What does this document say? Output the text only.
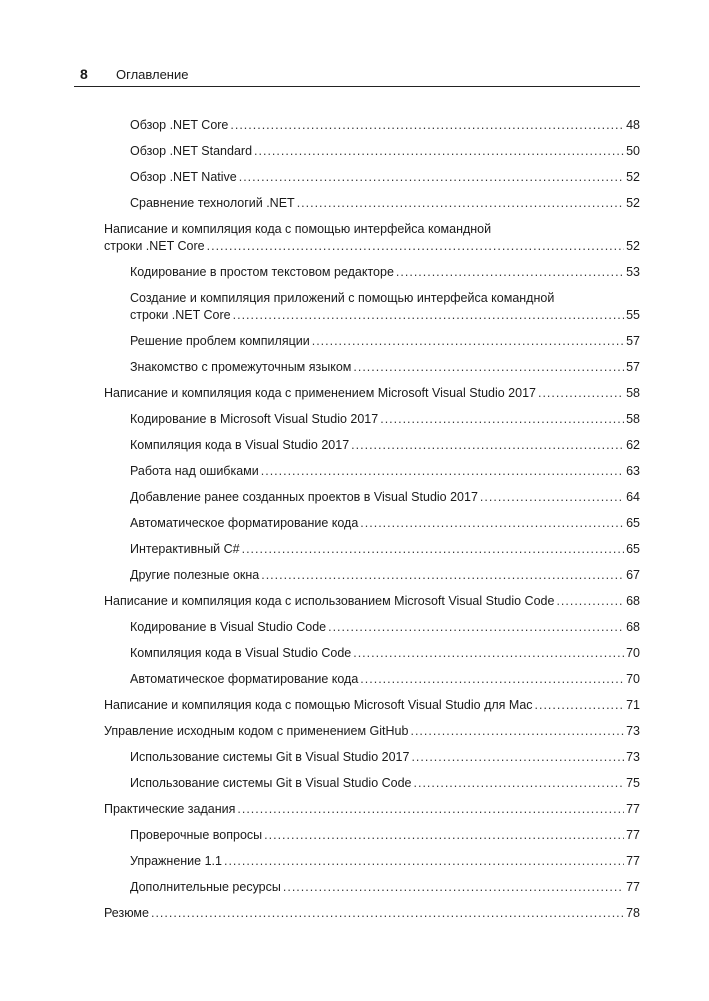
8 Оглавление
Обзор .NET Core .....	48
Обзор .NET Standard .....	50
Обзор .NET Native .....	52
Сравнение технологий .NET .....	52
Написание и компиляция кода с помощью интерфейса командной
строки .NET Core .....	52
Кодирование в простом текстовом редакторе .....	53
Создание и компиляция приложений с помощью интерфейса командной
строки .NET Core .....	55
Решение проблем компиляции .....	57
Знакомство с промежуточным языком .....	57
Написание и компиляция кода с применением Microsoft Visual Studio 2017 .....	58
Кодирование в Microsoft Visual Studio 2017 .....	58
Компиляция кода в Visual Studio 2017 .....	62
Работа над ошибками .....	63
Добавление ранее созданных проектов в Visual Studio 2017 .....	64
Автоматическое форматирование кода .....	65
Интерактивный C# .....	65
Другие полезные окна .....	67
Написание и компиляция кода с использованием Microsoft Visual Studio Code .....	68
Кодирование в Visual Studio Code .....	68
Компиляция кода в Visual Studio Code .....	70
Автоматическое форматирование кода .....	70
Написание и компиляция кода с помощью Microsoft Visual Studio для Mac .....	71
Управление исходным кодом с применением GitHub .....	73
Использование системы Git в Visual Studio 2017 .....	73
Использование системы Git в Visual Studio Code .....	75
Практические задания .....	77
Проверочные вопросы .....	77
Упражнение 1.1 .....	77
Дополнительные ресурсы .....	77
Резюме .....	78
